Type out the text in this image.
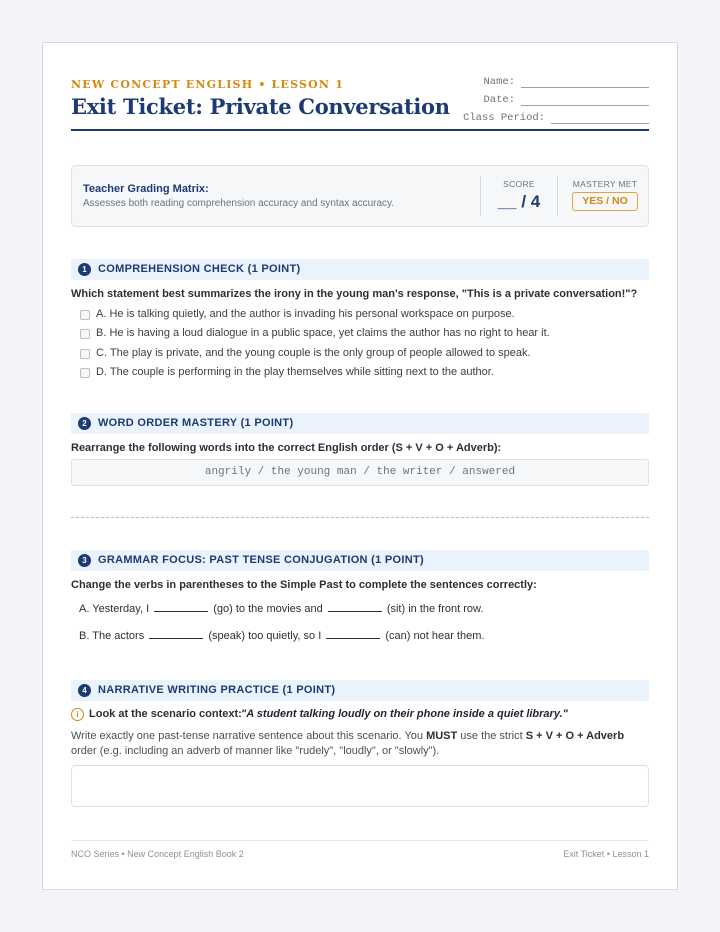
NEW CONCEPT ENGLISH • LESSON 1
Exit Ticket: Private Conversation
Name:
Date:
Class Period:
Teacher Grading Matrix:
Assesses both reading comprehension accuracy and syntax accuracy.
SCORE
__ / 4
MASTERY MET
YES / NO
1	COMPREHENSION CHECK (1 POINT)
Which statement best summarizes the irony in the young man's response, "This is a private conversation!"?
A. He is talking quietly, and the author is invading his personal workspace on purpose.
B. He is having a loud dialogue in a public space, yet claims the author has no right to hear it.
C. The play is private, and the young couple is the only group of people allowed to speak.
D. The couple is performing in the play themselves while sitting next to the author.
2	WORD ORDER MASTERY (1 POINT)
Rearrange the following words into the correct English order (S + V + O + Adverb):
angrily / the young man / the writer / answered
3	GRAMMAR FOCUS: PAST TENSE CONJUGATION (1 POINT)
Change the verbs in parentheses to the Simple Past to complete the sentences correctly:
A. Yesterday, I	(go) to the movies and	(sit) in the front row.
B. The actors	(speak) too quietly, so I	(can) not hear them.
4	NARRATIVE WRITING PRACTICE (1 POINT)
i Look at the scenario context: "A student talking loudly on their phone inside a quiet library."
Write exactly one past-tense narrative sentence about this scenario. You MUST use the strict S + V + O + Adverb order (e.g. including an adverb of manner like "rudely", "loudly", or "slowly").
NCO Series • New Concept English Book 2	Exit Ticket • Lesson 1
